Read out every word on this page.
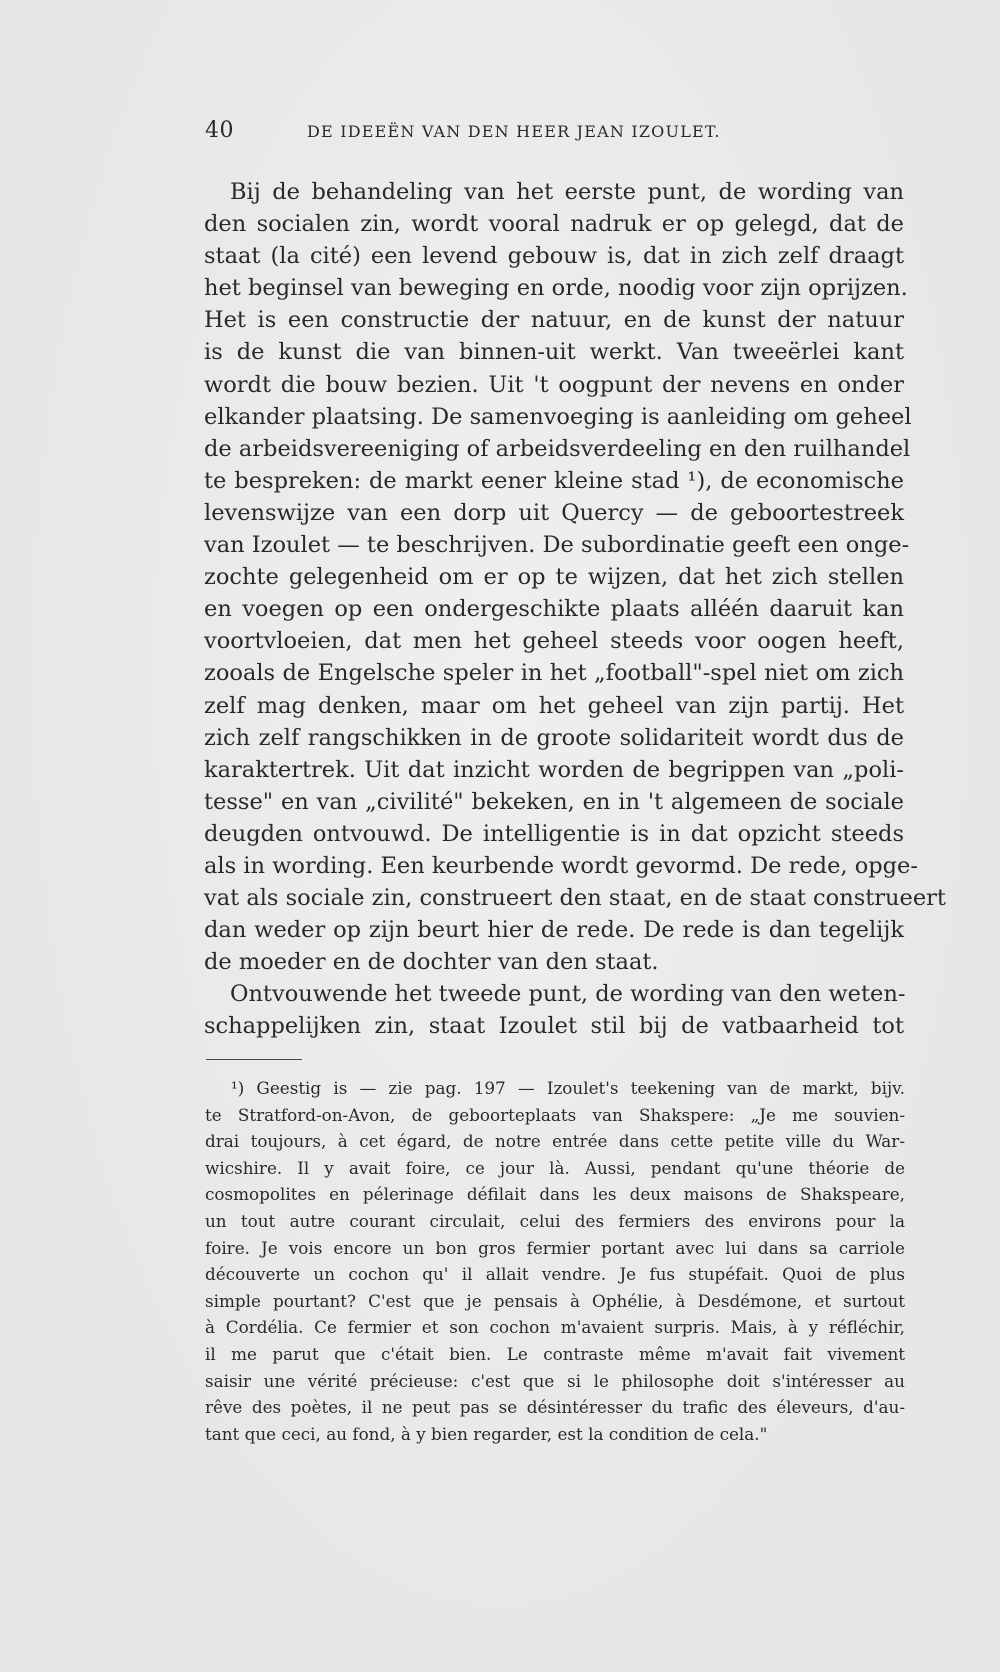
40	DE IDEEËN VAN DEN HEER JEAN IZOULET.
Bij de behandeling van het eerste punt, de wording van
den socialen zin, wordt vooral nadruk er op gelegd, dat de
staat (la cité) een levend gebouw is, dat in zich zelf draagt
het beginsel van beweging en orde, noodig voor zijn oprijzen.
Het is een constructie der natuur, en de kunst der natuur
is de kunst die van binnen-uit werkt. Van tweeërlei kant
wordt die bouw bezien. Uit 't oogpunt der nevens en onder
elkander plaatsing. De samenvoeging is aanleiding om geheel
de arbeidsvereeniging of arbeidsverdeeling en den ruilhandel
te bespreken: de markt eener kleine stad ¹), de economische
levenswijze van een dorp uit Quercy — de geboortestreek
van Izoulet — te beschrijven. De subordinatie geeft een onge-
zochte gelegenheid om er op te wijzen, dat het zich stellen
en voegen op een ondergeschikte plaats alléén daaruit kan
voortvloeien, dat men het geheel steeds voor oogen heeft,
zooals de Engelsche speler in het „football"-spel niet om zich
zelf mag denken, maar om het geheel van zijn partij. Het
zich zelf rangschikken in de groote solidariteit wordt dus de
karaktertrek. Uit dat inzicht worden de begrippen van „poli-
tesse" en van „civilité" bekeken, en in 't algemeen de sociale
deugden ontvouwd. De intelligentie is in dat opzicht steeds
als in wording. Een keurbende wordt gevormd. De rede, opge-
vat als sociale zin, construeert den staat, en de staat construeert
dan weder op zijn beurt hier de rede. De rede is dan tegelijk
de moeder en de dochter van den staat.
Ontvouwende het tweede punt, de wording van den weten-
schappelijken zin, staat Izoulet stil bij de vatbaarheid tot
¹) Geestig is — zie pag. 197 — Izoulet's teekening van de markt, bijv.
te Stratford-on-Avon, de geboorteplaats van Shakspere: „Je me souvien-
drai toujours, à cet égard, de notre entrée dans cette petite ville du War-
wicshire. Il y avait foire, ce jour là. Aussi, pendant qu'une théorie de
cosmopolites en pélerinage défilait dans les deux maisons de Shakspeare,
un tout autre courant circulait, celui des fermiers des environs pour la
foire. Je vois encore un bon gros fermier portant avec lui dans sa carriole
découverte un cochon qu' il allait vendre. Je fus stupéfait. Quoi de plus
simple pourtant? C'est que je pensais à Ophélie, à Desdémone, et surtout
à Cordélia. Ce fermier et son cochon m'avaient surpris. Mais, à y réfléchir,
il me parut que c'était bien. Le contraste même m'avait fait vivement
saisir une vérité précieuse: c'est que si le philosophe doit s'intéresser au
rêve des poètes, il ne peut pas se désintéresser du trafic des éleveurs, d'au-
tant que ceci, au fond, à y bien regarder, est la condition de cela."
